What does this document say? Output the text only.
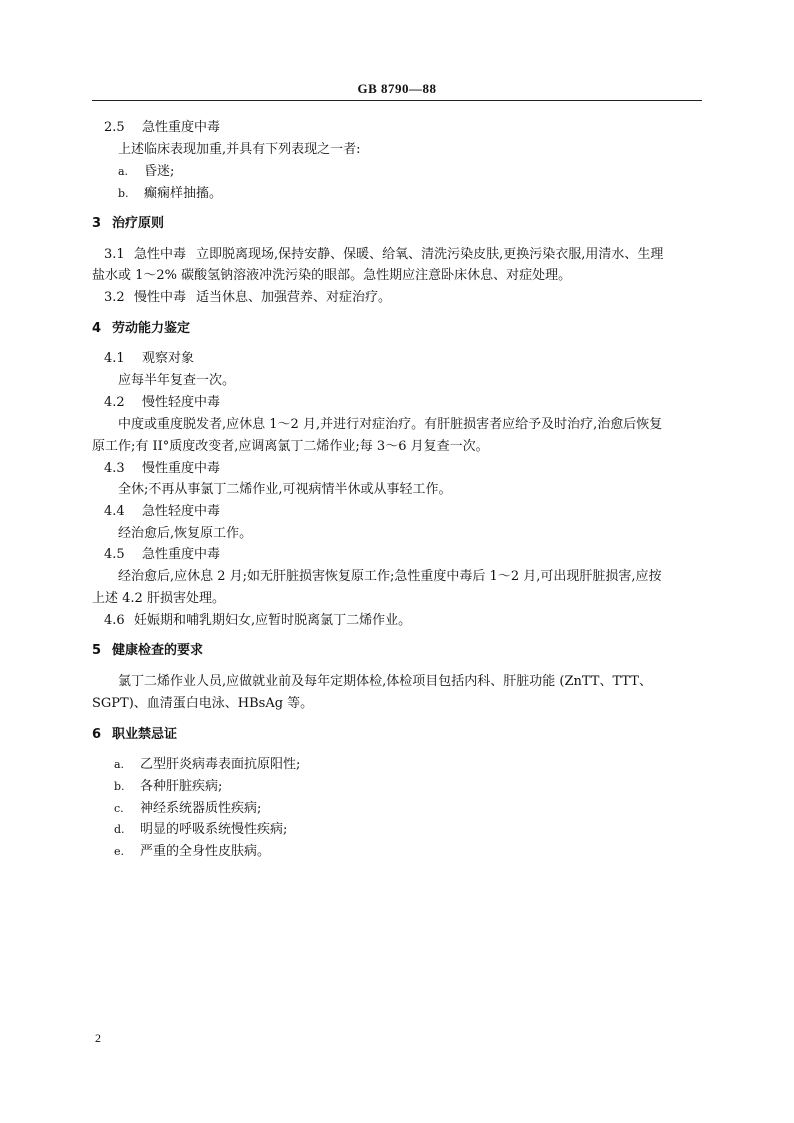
GB 8790—88
2.5 急性重度中毒
上述临床表现加重,并具有下列表现之一者:
a. 昏迷;
b. 癫痫样抽搐。
3 治疗原则
3.1 急性中毒 立即脱离现场,保持安静、保暖、给氧、清洗污染皮肤,更换污染衣服,用清水、生理
盐水或 1～2% 碳酸氢钠溶液冲洗污染的眼部。急性期应注意卧床休息、对症处理。
3.2 慢性中毒 适当休息、加强营养、对症治疗。
4 劳动能力鉴定
4.1 观察对象
应每半年复查一次。
4.2 慢性轻度中毒
中度或重度脱发者,应休息 1～2 月,并进行对症治疗。有肝脏损害者应给予及时治疗,治愈后恢复
原工作;有 II°质度改变者,应调离氯丁二烯作业;每 3～6 月复查一次。
4.3 慢性重度中毒
全休;不再从事氯丁二烯作业,可视病情半休或从事轻工作。
4.4 急性轻度中毒
经治愈后,恢复原工作。
4.5 急性重度中毒
经治愈后,应休息 2 月;如无肝脏损害恢复原工作;急性重度中毒后 1～2 月,可出现肝脏损害,应按
上述 4.2 肝损害处理。
4.6 妊娠期和哺乳期妇女,应暂时脱离氯丁二烯作业。
5 健康检查的要求
氯丁二烯作业人员,应做就业前及每年定期体检,体检项目包括内科、肝脏功能 (ZnTT、TTT、
SGPT)、血清蛋白电泳、HBsAg 等。
6 职业禁忌证
a. 乙型肝炎病毒表面抗原阳性;
b. 各种肝脏疾病;
c. 神经系统器质性疾病;
d. 明显的呼吸系统慢性疾病;
e. 严重的全身性皮肤病。
2
